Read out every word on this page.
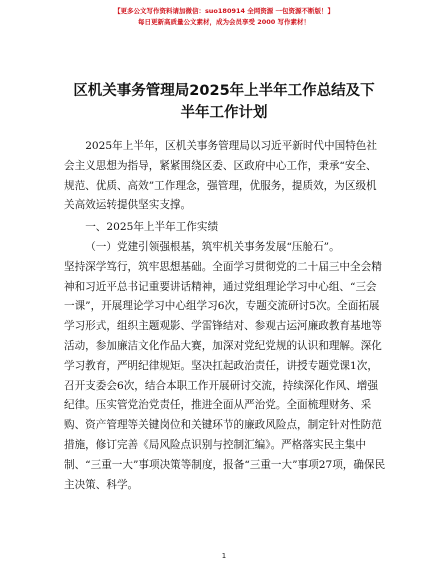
【更多公文写作资料请加微信：suo180914 全网资源 一包资源不断版！】
每日更新高质量公文素材，成为会员享受 2000 写作素材！
区机关事务管理局2025年上半年工作总结及下
半年工作计划

2025年上半年，区机关事务管理局以习近平新时代中国特色社会主义思想为指导，紧紧围绕区委、区政府中心工作，秉承“安全、规范、优质、高效”工作理念，强管理，优服务，提质效，为区级机关高效运转提供坚实支撑。

一、2025年上半年工作实绩

（一）党建引领强根基，筑牢机关事务发展“压舱石”。

坚持深学笃行，筑牢思想基础。全面学习贯彻党的二十届三中全会精神和习近平总书记重要讲话精神，通过党组理论学习中心组、“三会一课”，开展理论学习中心组学习6次，专题交流研讨5次。全面拓展学习形式，组织主题观影、学雷锋结对、参观古运河廉政教育基地等活动，参加廉洁文化作品大赛，加深对党纪党规的认识和理解。深化学习教育，严明纪律规矩。坚决扛起政治责任，讲授专题党课1次，召开支委会6次，结合本职工作开展研讨交流，持续深化作风、增强纪律。压实管党治党责任，推进全面从严治党。全面梳理财务、采购、资产管理等关键岗位和关键环节的廉政风险点，制定针对性防范措施，修订完善《局风险点识别与控制汇编》。严格落实民主集中制、“三重一大”事项决策等制度，报备“三重一大”事项27项，确保民主决策、科学。

1
